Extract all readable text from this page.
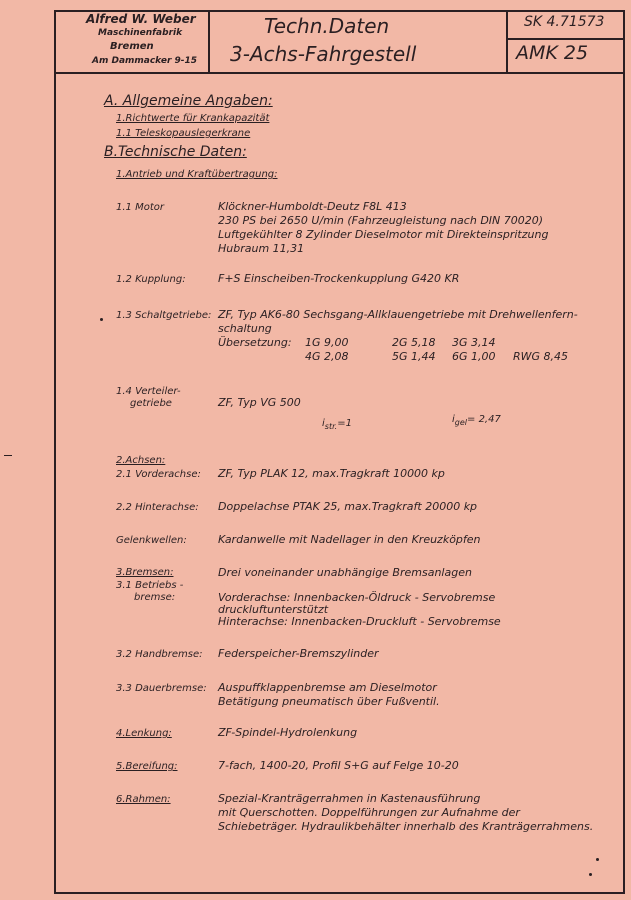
Alfred W. Weber
Maschinenfabrik
Bremen
Am Dammacker 9-15
Techn.Daten
3-Achs-Fahrgestell
SK 4.71573
AMK 25
A. Allgemeine Angaben:
1.Richtwerte für Krankapazität
1.1 Teleskopauslegerkrane
B.Technische Daten:
1.Antrieb und Kraftübertragung:
1.1 Motor	Klöckner-Humboldt-Deutz F8L 413
230 PS bei 2650 U/min (Fahrzeugleistung nach DIN 70020)
Luftgekühlter 8 Zylinder Dieselmotor mit Direkteinspritzung
Hubraum 11,31
1.2 Kupplung:	F+S Einscheiben-Trockenkupplung G420 KR
1.3 Schaltgetriebe: ZF, Typ AK6-80 Sechsgang-Allklauengetriebe mit Drehwellenfern-
schaltung
Übersetzung: 1G 9,00	2G 5,18 3G 3,14
4G 2,08	5G 1,44 6G 1,00 RWG 8,45
1.4 Verteiler-
getriebe	ZF, Typ VG 500
$i_{str.}=1$	$i_{gel}= 2,47$
2.Achsen:
2.1 Vorderachse: ZF, Typ PLAK 12, max.Tragkraft 10000 kp
2.2 Hinterachse: Doppelachse PTAK 25, max.Tragkraft 20000 kp
Gelenkwellen:	Kardanwelle mit Nadellager in den Kreuzköpfen
3.Bremsen:	Drei voneinander unabhängige Bremsanlagen
3.1 Betriebs -
bremse:	Vorderachse: Innenbacken-Öldruck - Servobremse
druckluftunterstützt
Hinterachse: Innenbacken-Druckluft - Servobremse
3.2 Handbremse: Federspeicher-Bremszylinder
3.3 Dauerbremse: Auspuffklappenbremse am Dieselmotor
Betätigung pneumatisch über Fußventil.
4.Lenkung:	ZF-Spindel-Hydrolenkung
5.Bereifung:	7-fach, 1400-20, Profil S+G auf Felge 10-20
6.Rahmen:	Spezial-Kranträgerrahmen in Kastenausführung
mit Querschotten. Doppelführungen zur Aufnahme der
Schiebeträger. Hydraulikbehälter innerhalb des Kranträgerrahmens.
